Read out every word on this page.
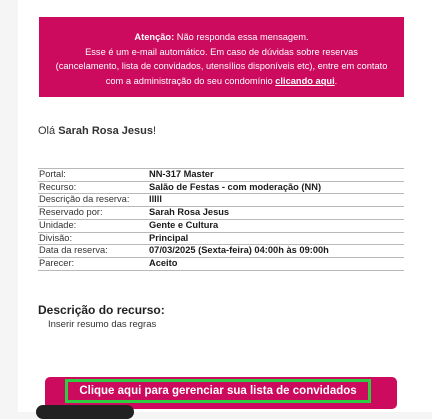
Atenção: Não responda essa mensagem.
Esse é um e-mail automático. Em caso de dúvidas sobre reservas
(cancelamento, lista de convidados, utensílios disponíveis etc), entre em contato
com a administração do seu condomínio clicando aqui.
Olá Sarah Rosa Jesus!
Portal:	NN-317 Master
Recurso:	Salão de Festas - com moderação (NN)
Descrição da reserva:	lllll
Reservado por:	Sarah Rosa Jesus
Unidade:	Gente e Cultura
Divisão:	Principal
Data da reserva:	07/03/2025 (Sexta-feira) 04:00h às 09:00h
Parecer:	Aceito
Descrição do recurso:
Inserir resumo das regras
Clique aqui para gerenciar sua lista de convidados
